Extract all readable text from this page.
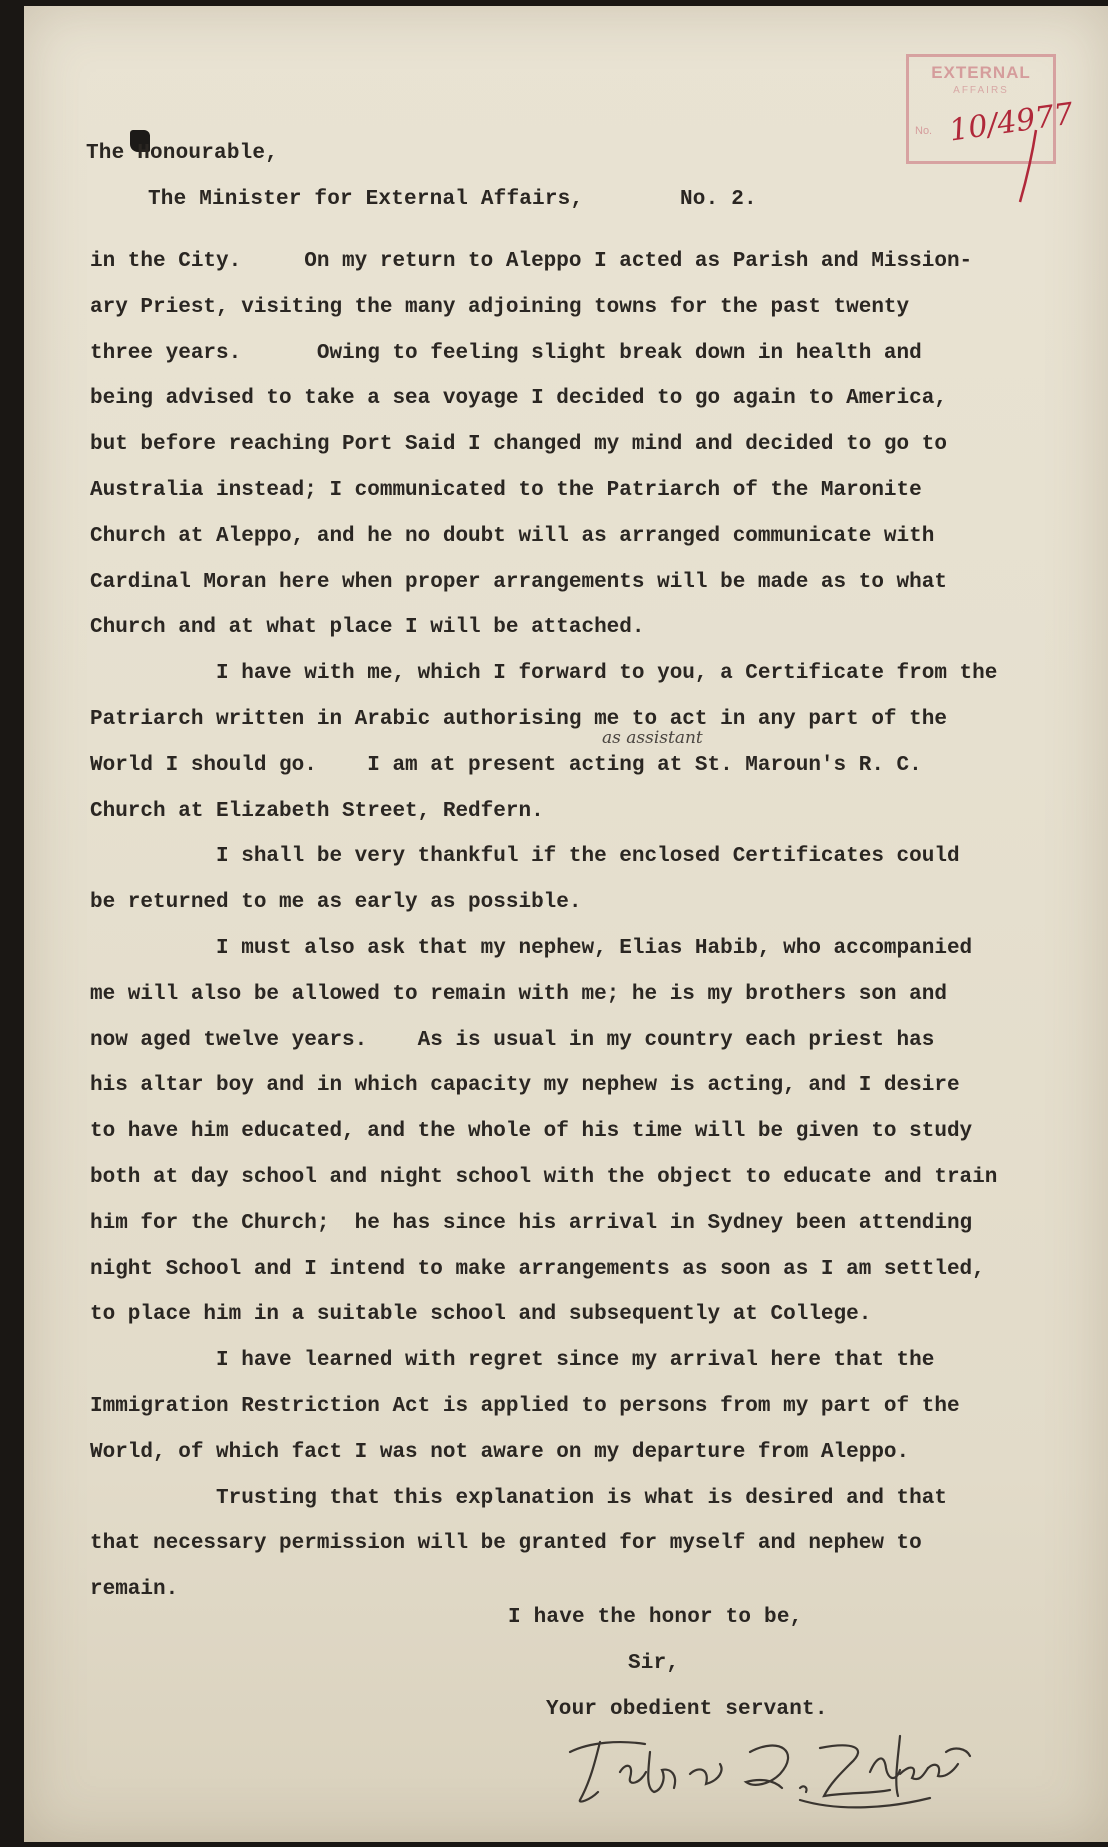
EXTERNAL
AFFAIRS
No. 10/4977
The Honourable,
The Minister for External Affairs,	No. 2.
in the City.     On my return to Aleppo I acted as Parish and Mission-
ary Priest, visiting the many adjoining towns for the past twenty
three years.      Owing to feeling slight break down in health and
being advised to take a sea voyage I decided to go again to America,
but before reaching Port Said I changed my mind and decided to go to
Australia instead; I communicated to the Patriarch of the Maronite
Church at Aleppo, and he no doubt will as arranged communicate with
Cardinal Moran here when proper arrangements will be made as to what
Church and at what place I will be attached.
I have with me, which I forward to you, a Certificate from the
Patriarch written in Arabic authorising me to act in any part of the
World I should go.    I am at present acting at St. Maroun's R. C.
Church at Elizabeth Street, Redfern.
I shall be very thankful if the enclosed Certificates could
be returned to me as early as possible.
I must also ask that my nephew, Elias Habib, who accompanied
me will also be allowed to remain with me; he is my brothers son and
now aged twelve years.    As is usual in my country each priest has
his altar boy and in which capacity my nephew is acting, and I desire
to have him educated, and the whole of his time will be given to study
both at day school and night school with the object to educate and train
him for the Church;  he has since his arrival in Sydney been attending
night School and I intend to make arrangements as soon as I am settled,
to place him in a suitable school and subsequently at College.
I have learned with regret since my arrival here that the
Immigration Restriction Act is applied to persons from my part of the
World, of which fact I was not aware on my departure from Aleppo.
Trusting that this explanation is what is desired and that
that necessary permission will be granted for myself and nephew to
remain.
as assistant
I have the honor to be,
Sir,
Your obedient servant.
